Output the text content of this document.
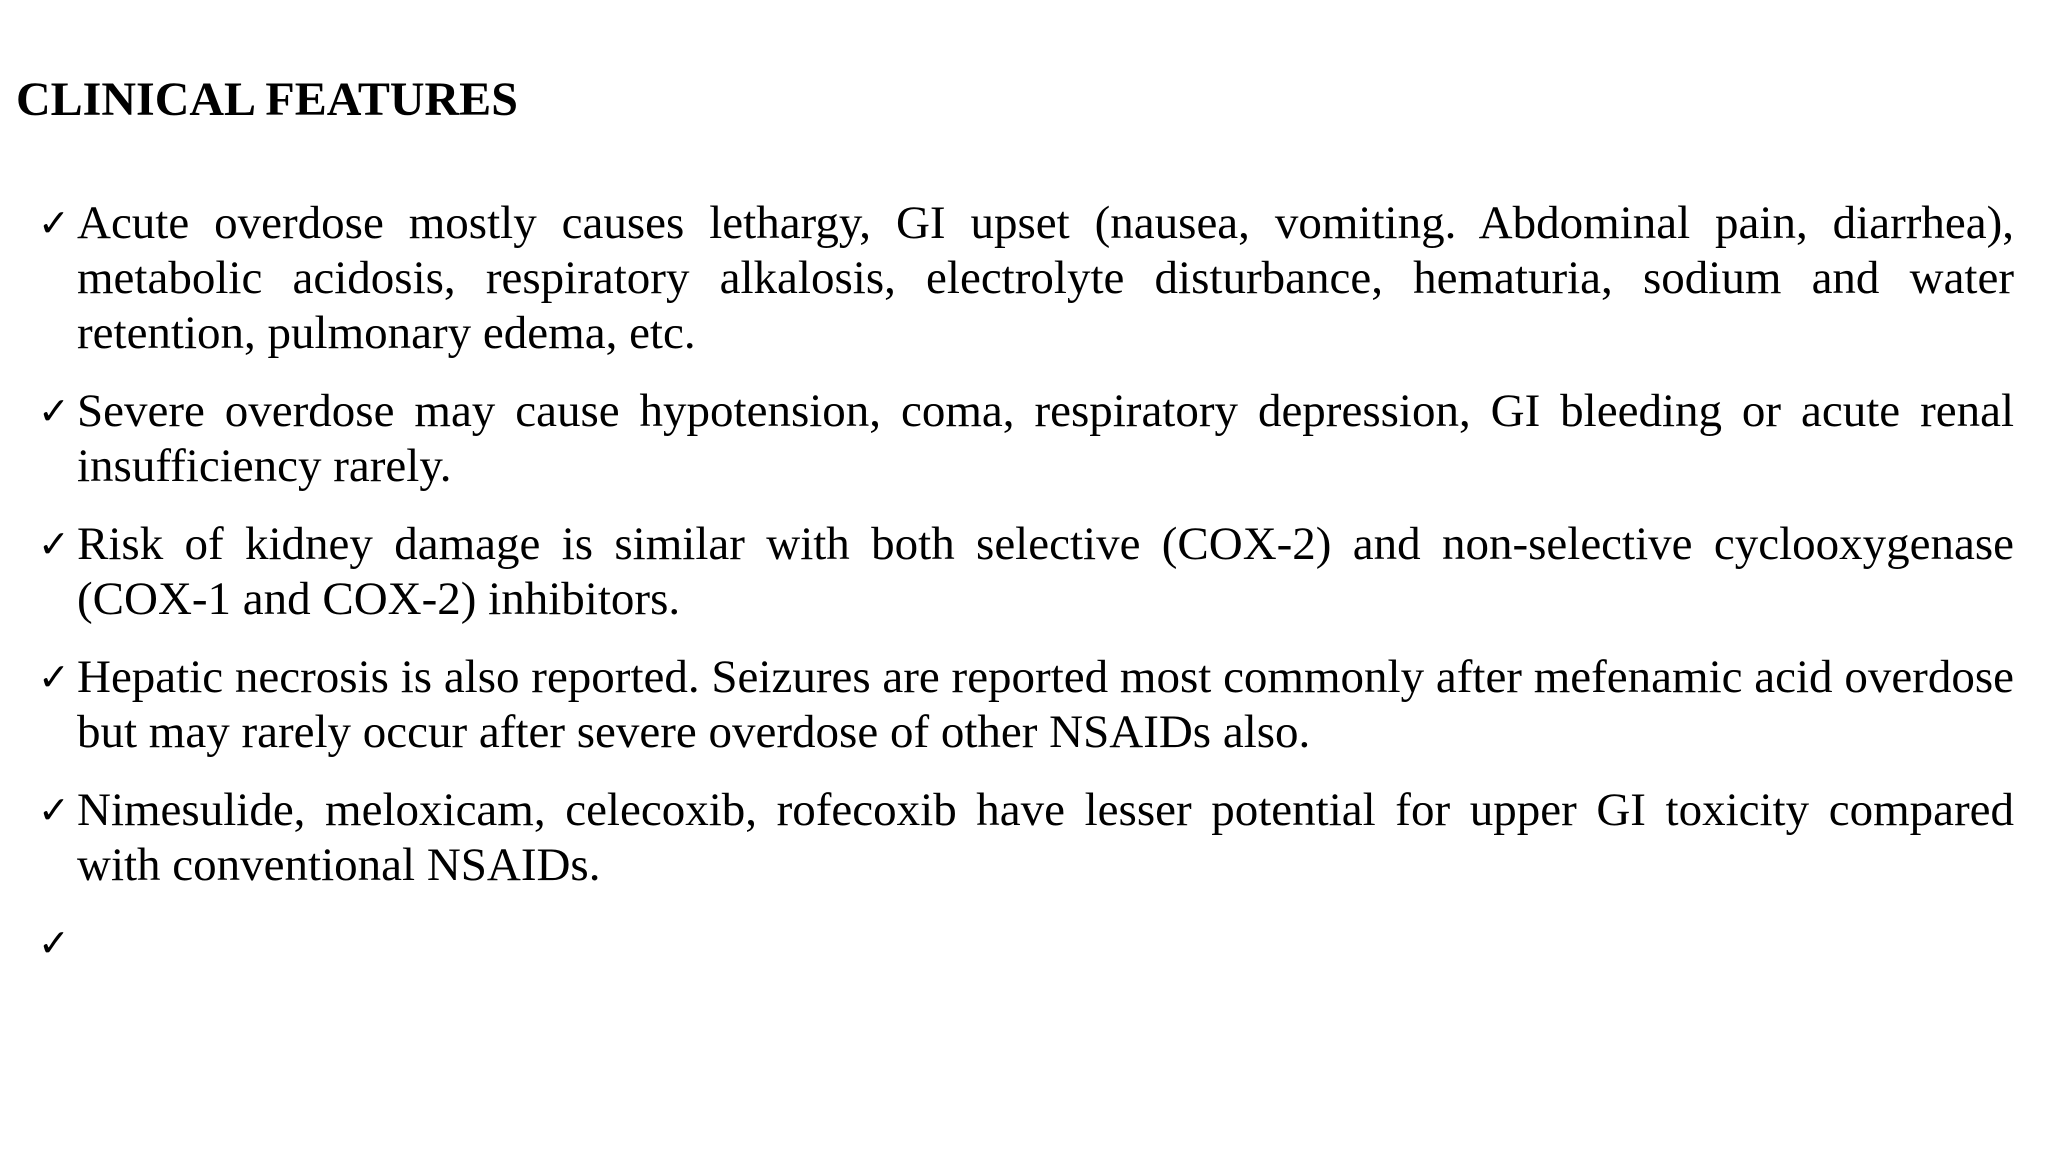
CLINICAL FEATURES
✓ Acute overdose mostly causes lethargy, GI upset (nausea, vomiting. Abdominal pain, diarrhea), metabolic acidosis, respiratory alkalosis, electrolyte disturbance, hematuria, sodium and water retention, pulmonary edema, etc.
✓ Severe overdose may cause hypotension, coma, respiratory depression, GI bleeding or acute renal insufficiency rarely.
✓ Risk of kidney damage is similar with both selective (COX-2) and non-selective cyclooxygenase (COX-1 and COX-2) inhibitors.
✓ Hepatic necrosis is also reported. Seizures are reported most commonly after mefenamic acid overdose but may rarely occur after severe overdose of other NSAIDs also.
✓ Nimesulide, meloxicam, celecoxib, rofecoxib have lesser potential for upper GI toxicity compared with conventional NSAIDs.
✓
